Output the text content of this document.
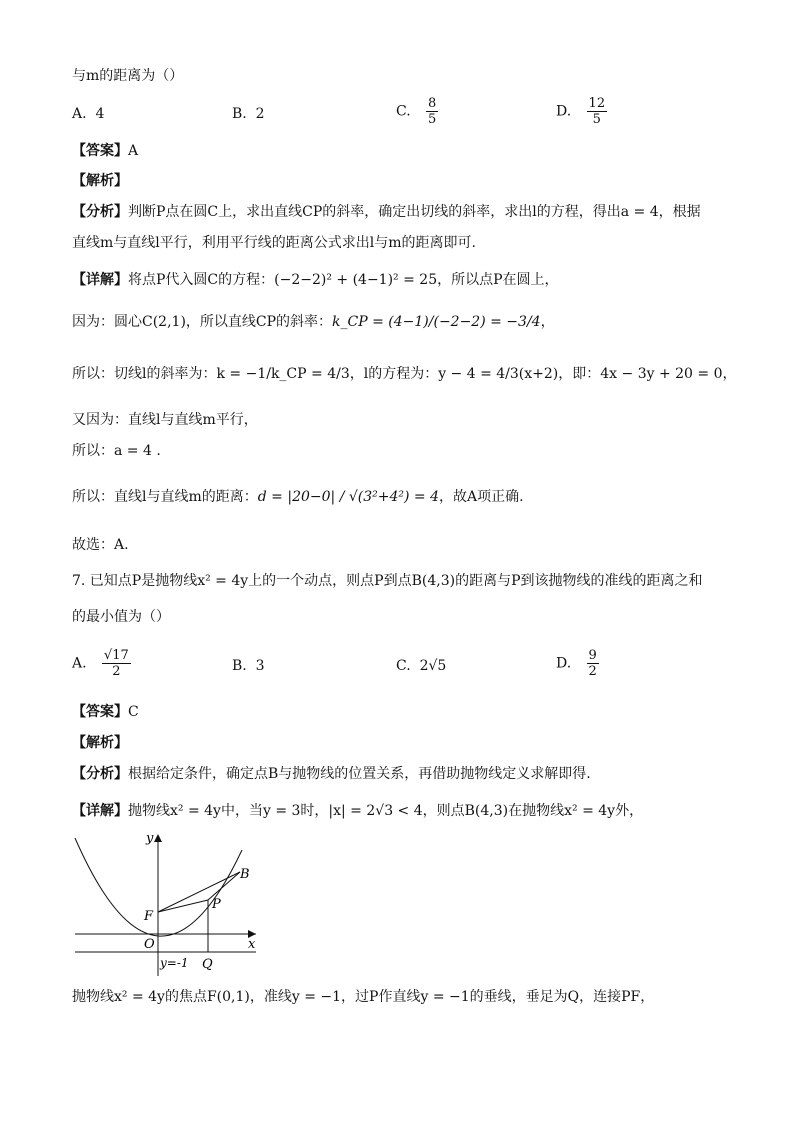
与m的距离为（）
A. 4	B. 2	C. $\frac{8}{5}$	D. $\frac{12}{5}$
【答案】A
【解析】
【分析】判断P点在圆C上，求出直线CP的斜率，确定出切线的斜率，求出l的方程，得出a = 4，根据
直线m与直线l平行，利用平行线的距离公式求出l与m的距离即可.
【详解】将点P代入圆C的方程：(−2−2)² + (4−1)² = 25，所以点P在圆上，
因为：圆心C(2,1)，所以直线CP的斜率：k_CP = (4−1)/(−2−2) = −3/4，
所以：切线l的斜率为：k = −1/k_CP = 4/3，l的方程为：y − 4 = 4/3(x+2)，即：4x − 3y + 20 = 0，
又因为：直线l与直线m平行，
所以：a = 4 .
所以：直线l与直线m的距离：d = |20−0| / √(3²+4²) = 4，故A项正确.
故选：A.
7. 已知点P是抛物线x² = 4y上的一个动点，则点P到点B(4,3)的距离与P到该抛物线的准线的距离之和
的最小值为（）
A. $\frac{√17}{2}$	B. 3	C. 2√5	D. $\frac{9}{2}$
【答案】C
【解析】
【分析】根据给定条件，确定点B与抛物线的位置关系，再借助抛物线定义求解即得.
【详解】抛物线x² = 4y中，当y = 3时，|x| = 2√3 < 4，则点B(4,3)在抛物线x² = 4y外，
y
x
O
F
P
B
Q
y=-1
抛物线x² = 4y的焦点F(0,1)，准线y = −1，过P作直线y = −1的垂线，垂足为Q，连接PF，
